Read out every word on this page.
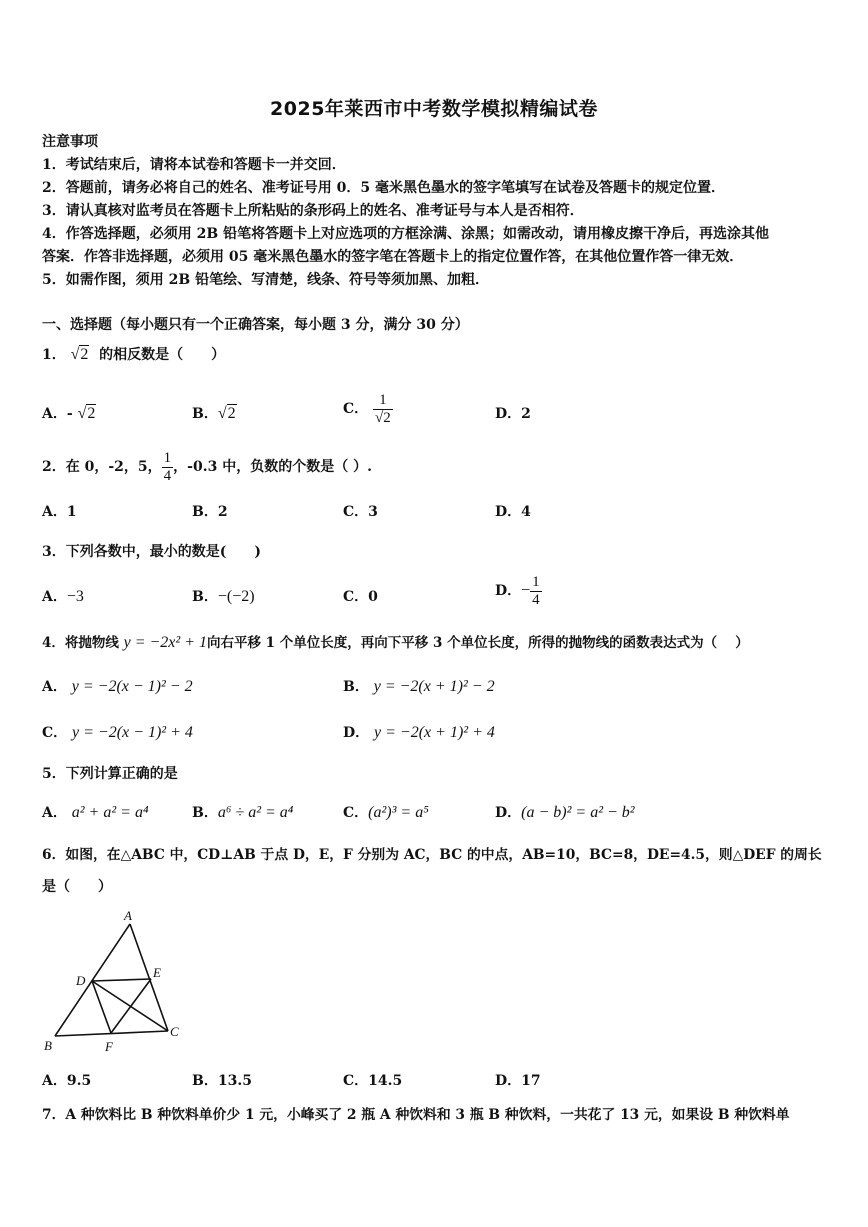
2025年莱西市中考数学模拟精编试卷
注意事项
1．考试结束后，请将本试卷和答题卡一并交回．
2．答题前，请务必将自己的姓名、准考证号用 0．5 毫米黑色墨水的签字笔填写在试卷及答题卡的规定位置．
3．请认真核对监考员在答题卡上所粘贴的条形码上的姓名、准考证号与本人是否相符．
4．作答选择题，必须用 2B 铅笔将答题卡上对应选项的方框涂满、涂黑；如需改动，请用橡皮擦干净后，再选涂其他
答案．作答非选择题，必须用 05 毫米黑色墨水的签字笔在答题卡上的指定位置作答，在其他位置作答一律无效．
5．如需作图，须用 2B 铅笔绘、写清楚，线条、符号等须加黑、加粗．
一、选择题（每小题只有一个正确答案，每小题 3 分，满分 30 分）
1． √2 的相反数是（　　）
A．- √2	B．√2	C． $\frac{1}{√2}$	D．2
2．在 0，-2，5， $\frac{1}{4}$ ，-0.3 中，负数的个数是（ ）.
A．1	B．2	C．3	D．4
3．下列各数中，最小的数是(　　)
A．−3	B．−(−2)	C．0	D．− $\frac{1}{4}$
4．将抛物线 y = −2x² + 1向右平移 1 个单位长度，再向下平移 3 个单位长度，所得的抛物线的函数表达式为（　 ）
A． y = −2(x − 1)² − 2	B． y = −2(x + 1)² − 2
C． y = −2(x − 1)² + 4	D． y = −2(x + 1)² + 4
5．下列计算正确的是
A． a² + a² = a⁴	B．a⁶ ÷ a² = a⁴	C．(a²)³ = a⁵	D．(a − b)² = a² − b²
6．如图，在△ABC 中，CD⊥AB 于点 D，E，F 分别为 AC，BC 的中点，AB=10，BC=8，DE=4.5，则△DEF 的周长
是（　　）
A
D
E
C
B	F
A．9.5	B．13.5	C．14.5	D．17
7．A 种饮料比 B 种饮料单价少 1 元，小峰买了 2 瓶 A 种饮料和 3 瓶 B 种饮料，一共花了 13 元，如果设 B 种饮料单
